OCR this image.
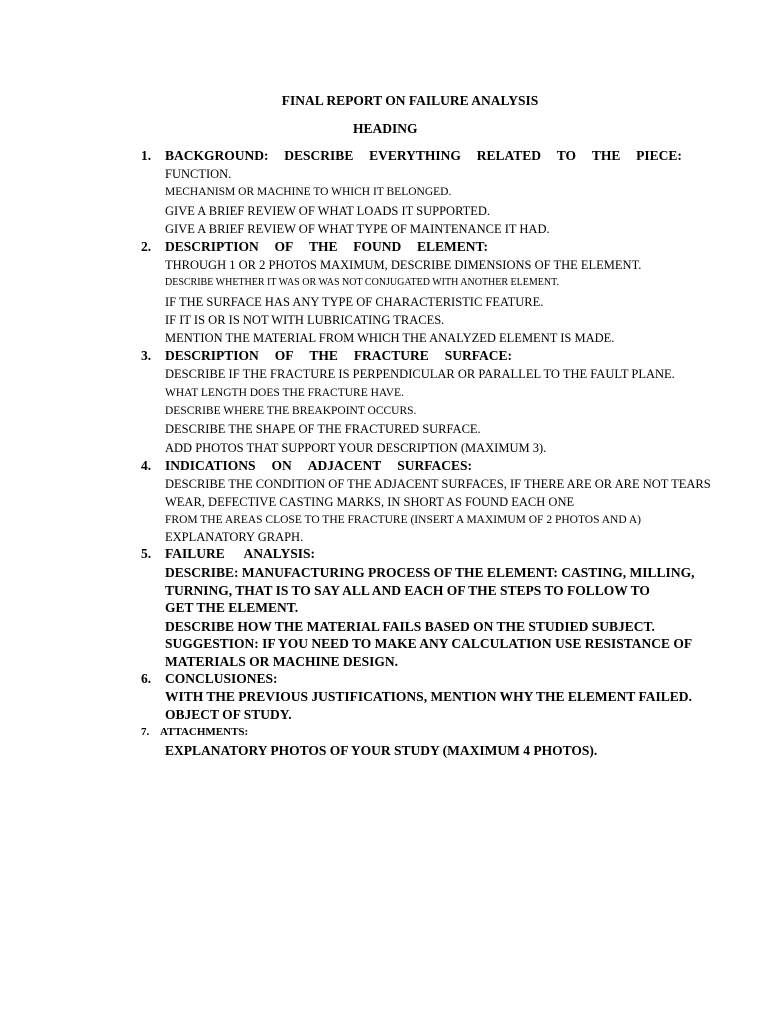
FINAL REPORT ON FAILURE ANALYSIS
HEADING
1. BACKGROUND: DESCRIBE EVERYTHING RELATED TO THE PIECE:
FUNCTION.
MECHANISM OR MACHINE TO WHICH IT BELONGED.
GIVE A BRIEF REVIEW OF WHAT LOADS IT SUPPORTED.
GIVE A BRIEF REVIEW OF WHAT TYPE OF MAINTENANCE IT HAD.
2. DESCRIPTION OF THE FOUND ELEMENT:
THROUGH 1 OR 2 PHOTOS MAXIMUM, DESCRIBE DIMENSIONS OF THE ELEMENT.
DESCRIBE WHETHER IT WAS OR WAS NOT CONJUGATED WITH ANOTHER ELEMENT.
IF THE SURFACE HAS ANY TYPE OF CHARACTERISTIC FEATURE.
IF IT IS OR IS NOT WITH LUBRICATING TRACES.
MENTION THE MATERIAL FROM WHICH THE ANALYZED ELEMENT IS MADE.
3. DESCRIPTION OF THE FRACTURE SURFACE:
DESCRIBE IF THE FRACTURE IS PERPENDICULAR OR PARALLEL TO THE FAULT PLANE.
WHAT LENGTH DOES THE FRACTURE HAVE.
DESCRIBE WHERE THE BREAKPOINT OCCURS.
DESCRIBE THE SHAPE OF THE FRACTURED SURFACE.
ADD PHOTOS THAT SUPPORT YOUR DESCRIPTION (MAXIMUM 3).
4. INDICATIONS ON ADJACENT SURFACES:
DESCRIBE THE CONDITION OF THE ADJACENT SURFACES, IF THERE ARE OR ARE NOT TEARS
WEAR, DEFECTIVE CASTING MARKS, IN SHORT AS FOUND EACH ONE
FROM THE AREAS CLOSE TO THE FRACTURE (INSERT A MAXIMUM OF 2 PHOTOS AND A)
EXPLANATORY GRAPH.
5. FAILURE ANALYSIS:
DESCRIBE: MANUFACTURING PROCESS OF THE ELEMENT: CASTING, MILLING,
TURNING, THAT IS TO SAY ALL AND EACH OF THE STEPS TO FOLLOW TO
GET THE ELEMENT.
DESCRIBE HOW THE MATERIAL FAILS BASED ON THE STUDIED SUBJECT.
SUGGESTION: IF YOU NEED TO MAKE ANY CALCULATION USE RESISTANCE OF
MATERIALS OR MACHINE DESIGN.
6. CONCLUSIONES:
WITH THE PREVIOUS JUSTIFICATIONS, MENTION WHY THE ELEMENT FAILED.
OBJECT OF STUDY.
7. ATTACHMENTS:
EXPLANATORY PHOTOS OF YOUR STUDY (MAXIMUM 4 PHOTOS).
